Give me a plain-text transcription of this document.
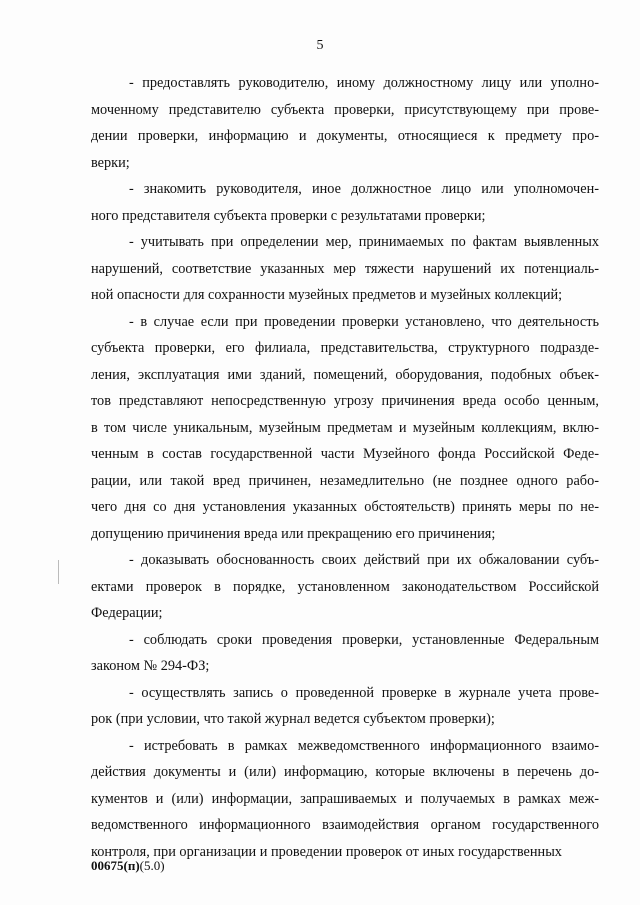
5

- предоставлять руководителю, иному должностному лицу или уполно-
моченному представителю субъекта проверки, присутствующему при прове-
дении проверки, информацию и документы, относящиеся к предмету про-
верки;

- знакомить руководителя, иное должностное лицо или уполномочен-
ного представителя субъекта проверки с результатами проверки;

- учитывать при определении мер, принимаемых по фактам выявленных
нарушений, соответствие указанных мер тяжести нарушений их потенциаль-
ной опасности для сохранности музейных предметов и музейных коллекций;

- в случае если при проведении проверки установлено, что деятельность
субъекта проверки, его филиала, представительства, структурного подразде-
ления, эксплуатация ими зданий, помещений, оборудования, подобных объек-
тов представляют непосредственную угрозу причинения вреда особо ценным,
в том числе уникальным, музейным предметам и музейным коллекциям, вклю-
ченным в состав государственной части Музейного фонда Российской Феде-
рации, или такой вред причинен, незамедлительно (не позднее одного рабо-
чего дня со дня установления указанных обстоятельств) принять меры по не-
допущению причинения вреда или прекращению его причинения;

- доказывать обоснованность своих действий при их обжаловании субъ-
ектами проверок в порядке, установленном законодательством Российской
Федерации;

- соблюдать сроки проведения проверки, установленные Федеральным
законом № 294-ФЗ;

- осуществлять запись о проведенной проверке в журнале учета прове-
рок (при условии, что такой журнал ведется субъектом проверки);

- истребовать в рамках межведомственного информационного взаимо-
действия документы и (или) информацию, которые включены в перечень до-
кументов и (или) информации, запрашиваемых и получаемых в рамках меж-
ведомственного информационного взаимодействия органом государственного
контроля, при организации и проведении проверок от иных государственных

00675(п)(5.0)
